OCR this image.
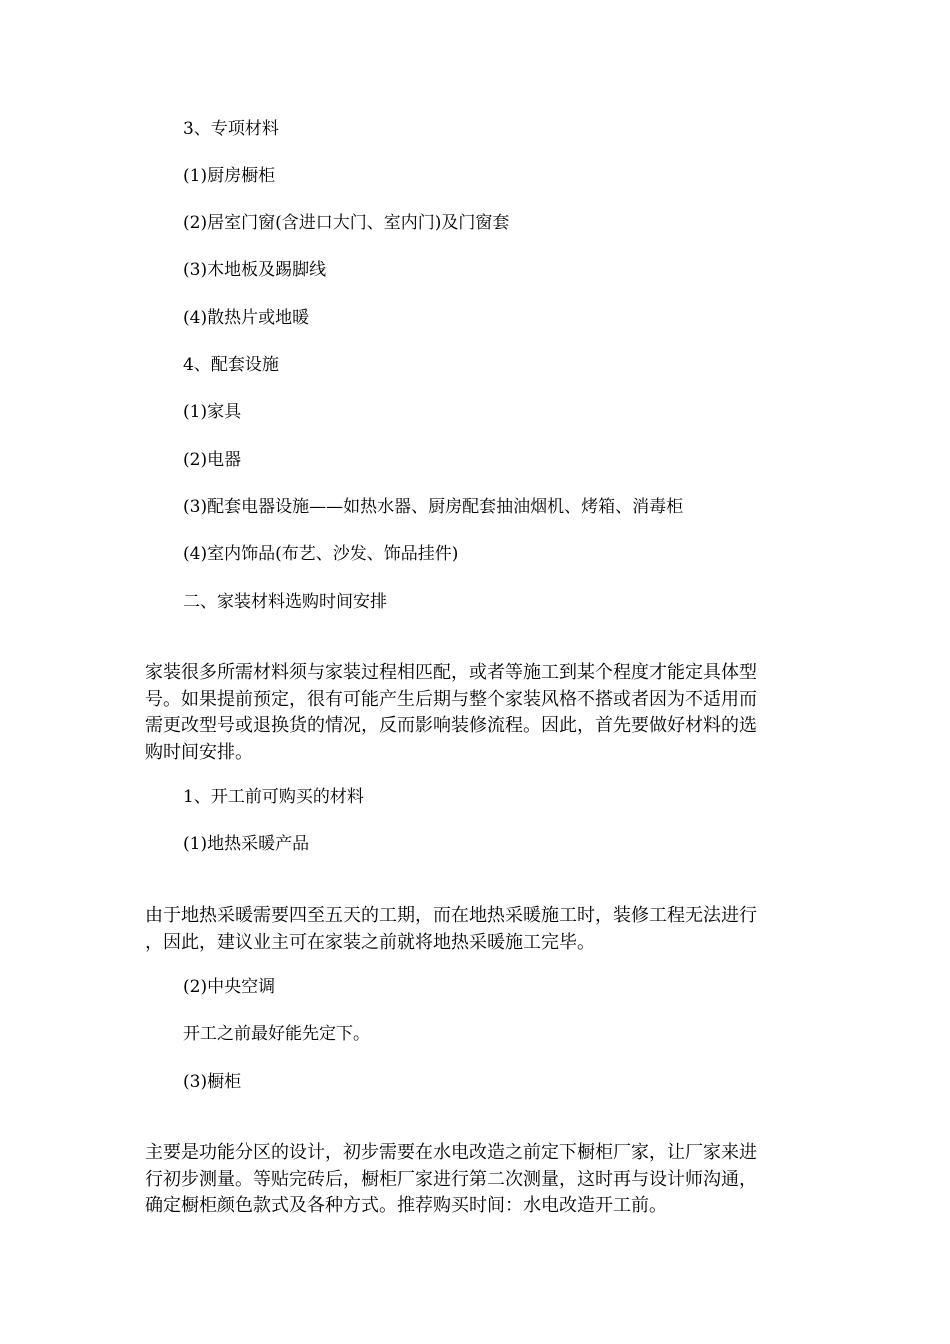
3、专项材料

(1)厨房橱柜

(2)居室门窗(含进口大门、室内门)及门窗套

(3)木地板及踢脚线

(4)散热片或地暖

4、配套设施

(1)家具

(2)电器

(3)配套电器设施——如热水器、厨房配套抽油烟机、烤箱、消毒柜

(4)室内饰品(布艺、沙发、饰品挂件)

二、家装材料选购时间安排

家装很多所需材料须与家装过程相匹配，或者等施工到某个程度才能定具体型
号。如果提前预定，很有可能产生后期与整个家装风格不搭或者因为不适用而
需更改型号或退换货的情况，反而影响装修流程。因此，首先要做好材料的选
购时间安排。

1、开工前可购买的材料

(1)地热采暖产品

由于地热采暖需要四至五天的工期，而在地热采暖施工时，装修工程无法进行
，因此，建议业主可在家装之前就将地热采暖施工完毕。

(2)中央空调

开工之前最好能先定下。

(3)橱柜

主要是功能分区的设计，初步需要在水电改造之前定下橱柜厂家，让厂家来进
行初步测量。等贴完砖后，橱柜厂家进行第二次测量，这时再与设计师沟通，
确定橱柜颜色款式及各种方式。推荐购买时间：水电改造开工前。
